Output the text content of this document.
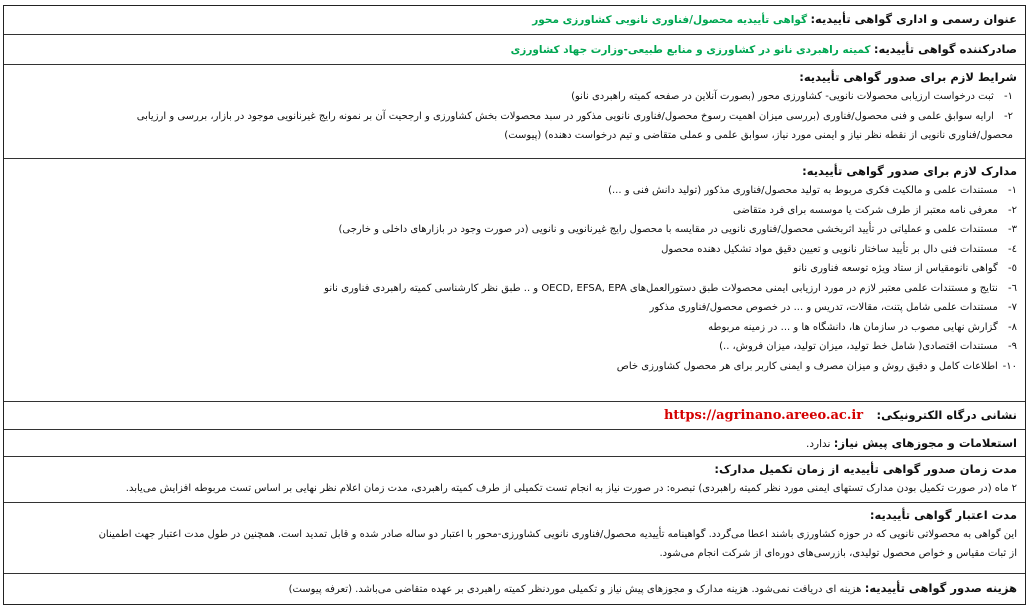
عنوان رسمی و اداری گواهی تأییدیه: گواهی تأییدیه محصول/فناوری نانویی کشاورزی محور
صادرکننده گواهی تأییدیه: کمیته راهبردی نانو در کشاورزی و منابع طبیعی-وزارت جهاد کشاورزی
شرایط لازم برای صدور گواهی تأییدیه:
۱- ثبت درخواست ارزیابی محصولات نانویی- کشاورزی محور (بصورت آنلاین در صفحه کمیته راهبردی نانو)
۲- ارایه سوابق علمی و فنی محصول/فناوری (بررسی میزان اهمیت رسوخ محصول/فناوری نانویی مذکور در سبد محصولات بخش کشاورزی و ارجحیت آن بر نمونه رایج غیرنانویی موجود در بازار، بررسی و ارزیابی
محصول/فناوری نانویی از نقطه نظر نیاز و ایمنی مورد نیاز، سوابق علمی و عملی متقاضی و تیم درخواست دهنده) (پیوست)
مدارک لازم برای صدور گواهی تأییدیه:
۱- مستندات علمی و مالکیت فکری مربوط به تولید محصول/فناوری مذکور (تولید دانش فنی و ...)
۲- معرفی نامه معتبر از طرف شرکت یا موسسه برای فرد متقاضی
۳- مستندات علمی و عملیاتی در تأیید اثربخشی محصول/فناوری نانویی در مقایسه با محصول رایج غیرنانویی و نانویی (در صورت وجود در بازارهای داخلی و خارجی)
٤- مستندات فنی دال بر تأیید ساختار نانویی و تعیین دقیق مواد تشکیل دهنده محصول
٥- گواهی نانومقیاس از ستاد ویژه توسعه فناوری نانو
٦- نتایج و مستندات علمی معتبر لازم در مورد ارزیابی ایمنی محصولات طبق دستورالعمل‌های OECD, EFSA, EPA و .. طبق نظر کارشناسی کمیته راهبردی فناوری نانو
۷- مستندات علمی شامل پتنت، مقالات، تدریس و ... در خصوص محصول/فناوری مذکور
۸- گزارش نهایی مصوب در سازمان ها، دانشگاه ها و ... در زمینه مربوطه
۹- مستندات اقتصادی( شامل خط تولید، میزان تولید، میزان فروش، ..)
۱۰- اطلاعات کامل و دقیق روش و میزان مصرف و ایمنی کاربر برای هر محصول کشاورزی خاص
نشانی درگاه الکترونیکی:    https://agrinano.areeo.ac.ir
استعلامات و مجوزهای پیش نیاز: ندارد.
مدت زمان صدور گواهی تأییدیه از زمان تکمیل مدارک:
۲ ماه (در صورت تکمیل بودن مدارک تستهای ایمنی مورد نظر کمیته راهبردی) تبصره: در صورت نیاز به انجام تست تکمیلی از طرف کمیته راهبردی، مدت زمان اعلام نظر نهایی بر اساس تست مربوطه افزایش می‌یابد.
مدت اعتبار گواهی تأییدیه:
این گواهی به محصولاتی نانویی که در حوزه کشاورزی باشند اعطا می‌گردد. گواهینامه تأییدیه محصول/فناوری نانویی کشاورزی-محور با اعتبار دو ساله صادر شده و قابل تمدید است. همچنین در طول مدت اعتبار جهت اطمینان
از ثبات مقیاس و خواص محصول تولیدی، بازرسی‌های دوره‌ای از شرکت انجام می‌شود.
هزینه صدور گواهی تأییدیه: هزینه ای دریافت نمی‌شود. هزینه مدارک و مجوزهای پیش نیاز و تکمیلی موردنظر کمیته راهبردی بر عهده متقاضی می‌باشد. (تعرفه پیوست)
